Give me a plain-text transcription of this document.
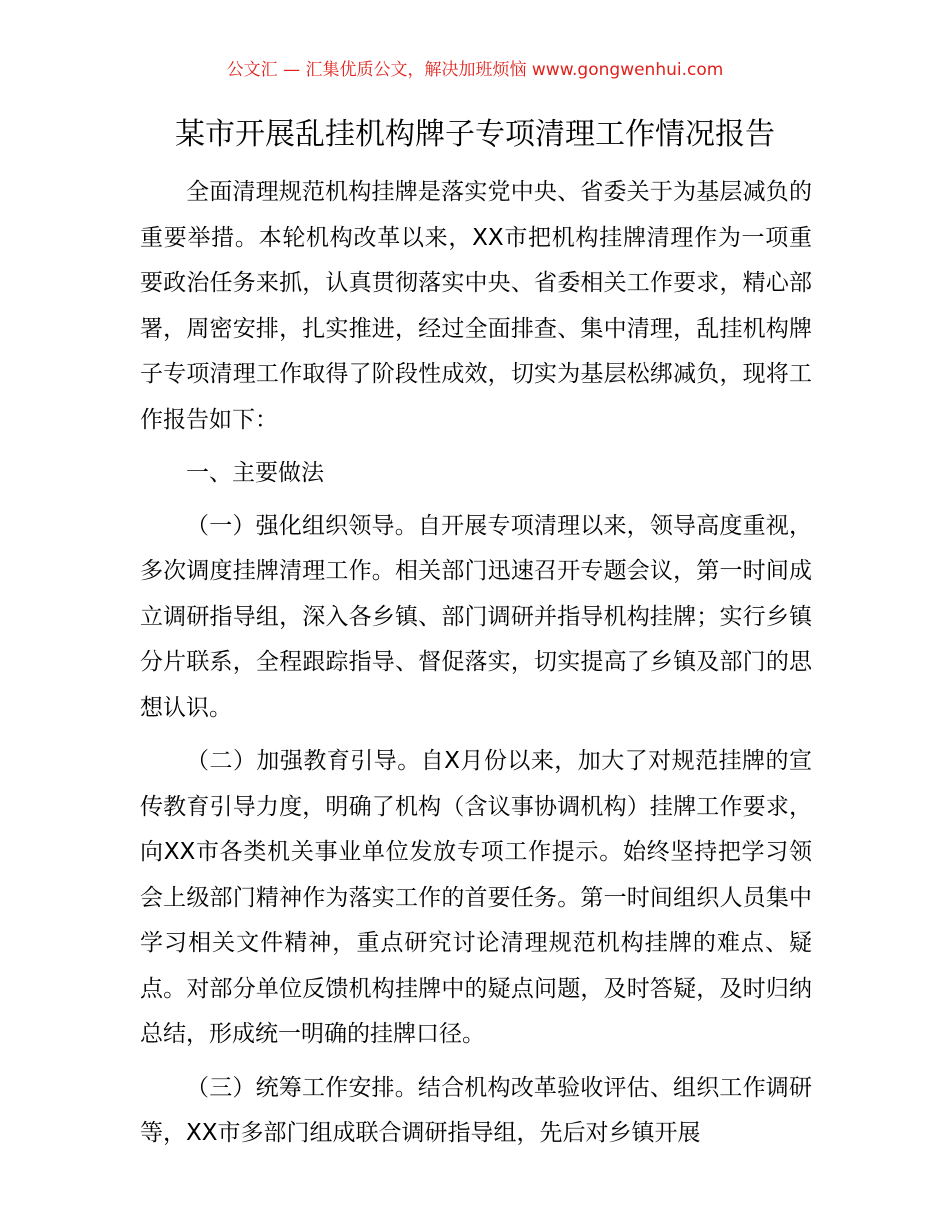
公文汇 — 汇集优质公文，解决加班烦恼 www.gongwenhui.com
某市开展乱挂机构牌子专项清理工作情况报告

全面清理规范机构挂牌是落实党中央、省委关于为基层减负的重要举措。本轮机构改革以来，XX市把机构挂牌清理作为一项重要政治任务来抓，认真贯彻落实中央、省委相关工作要求，精心部署，周密安排，扎实推进，经过全面排查、集中清理，乱挂机构牌子专项清理工作取得了阶段性成效，切实为基层松绑减负，现将工作报告如下：

一、主要做法

（一）强化组织领导。自开展专项清理以来，领导高度重视，多次调度挂牌清理工作。相关部门迅速召开专题会议，第一时间成立调研指导组，深入各乡镇、部门调研并指导机构挂牌；实行乡镇分片联系，全程跟踪指导、督促落实，切实提高了乡镇及部门的思想认识。

（二）加强教育引导。自X月份以来，加大了对规范挂牌的宣传教育引导力度，明确了机构（含议事协调机构）挂牌工作要求，向XX市各类机关事业单位发放专项工作提示。始终坚持把学习领会上级部门精神作为落实工作的首要任务。第一时间组织人员集中学习相关文件精神，重点研究讨论清理规范机构挂牌的难点、疑点。对部分单位反馈机构挂牌中的疑点问题，及时答疑，及时归纳总结，形成统一明确的挂牌口径。

（三）统筹工作安排。结合机构改革验收评估、组织工作调研等，XX市多部门组成联合调研指导组，先后对乡镇开展
